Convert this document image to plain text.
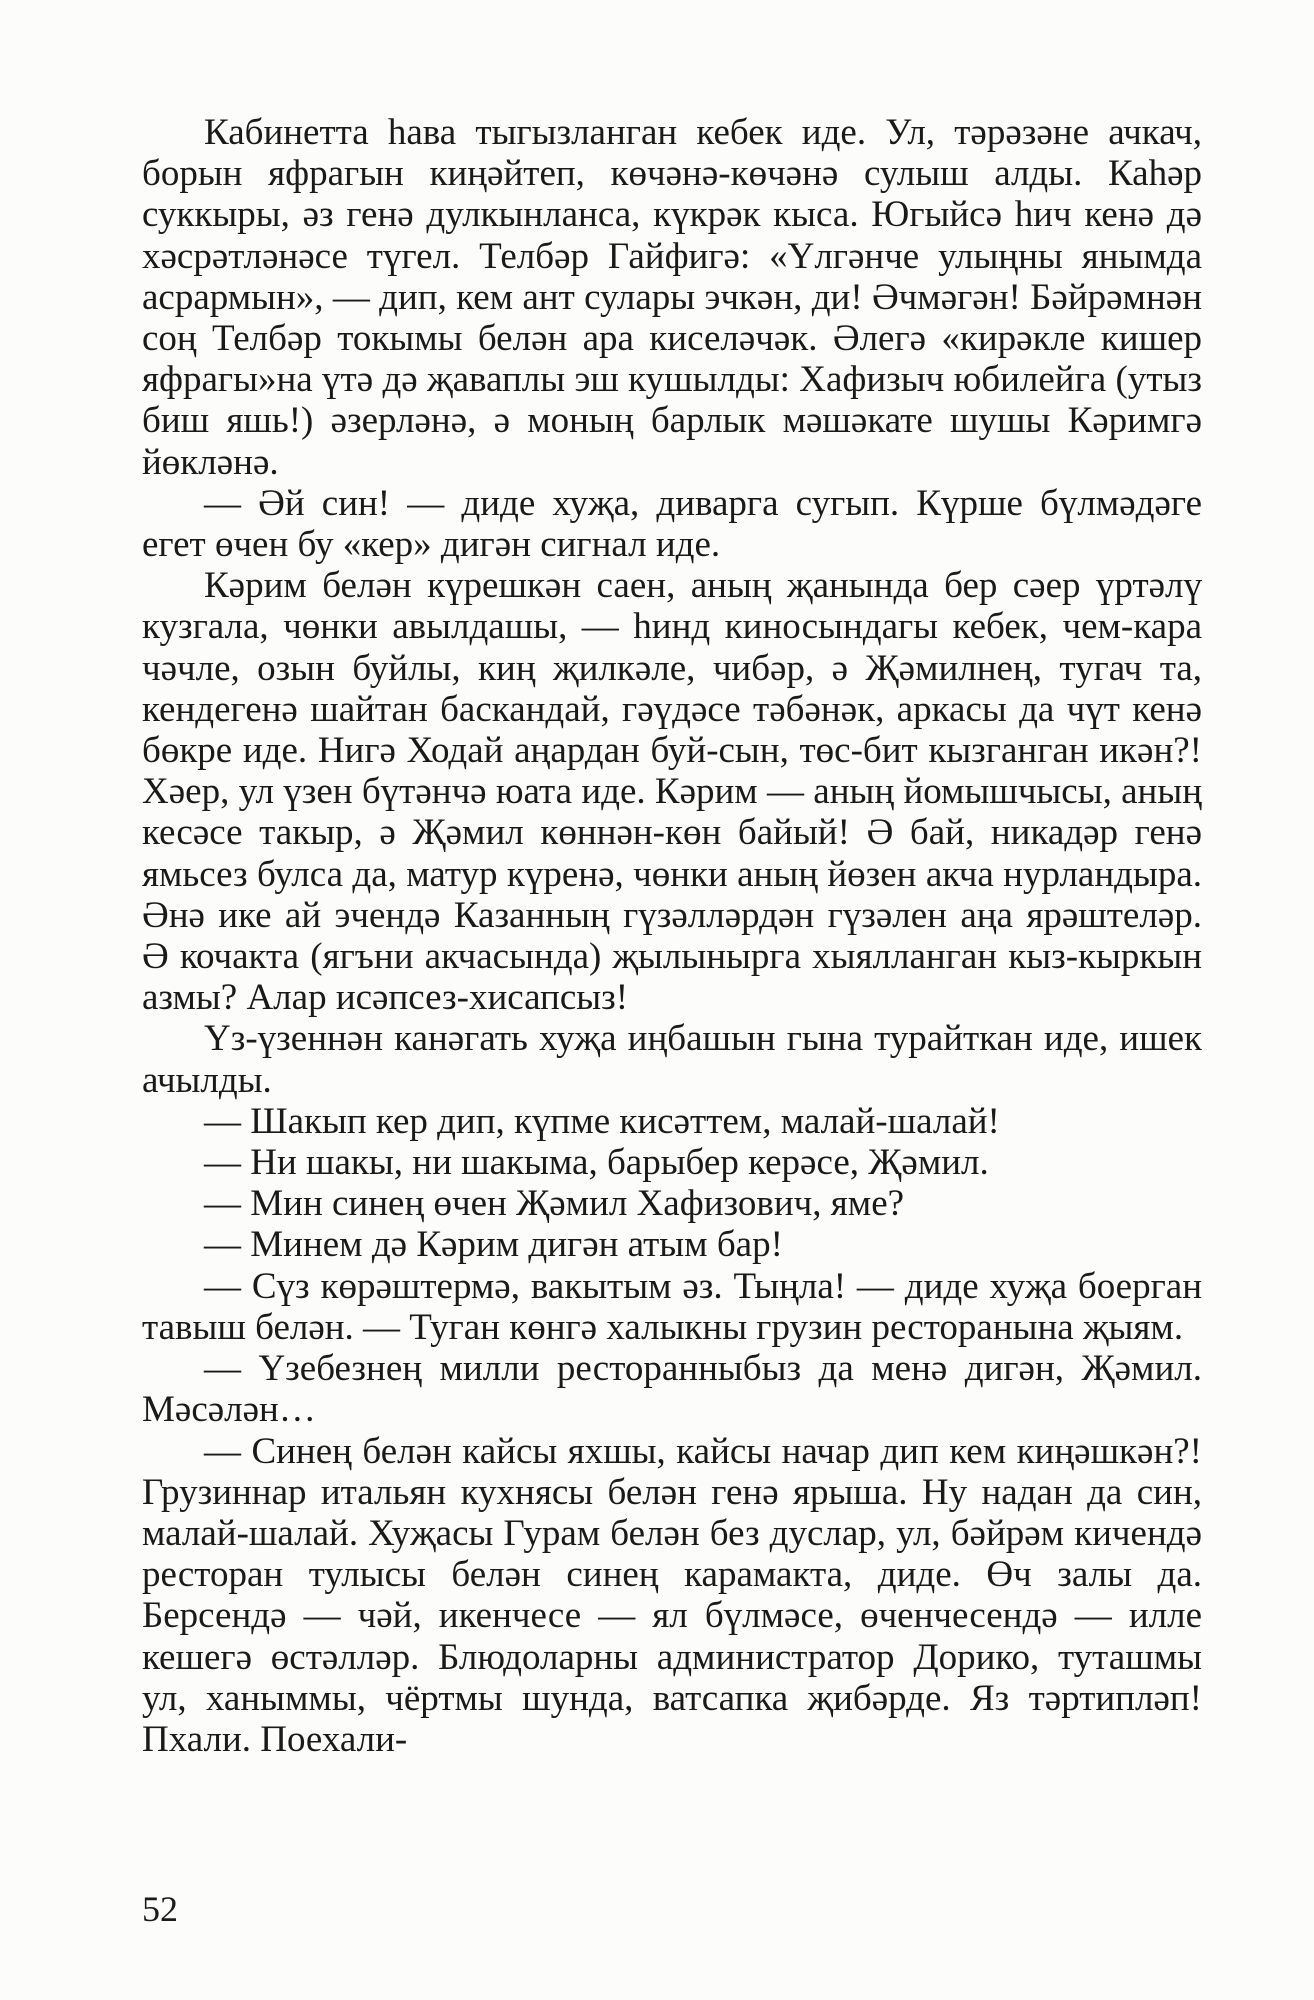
Кабинетта һава тыгызланган кебек иде. Ул, тәрәзәне ачкач, борын яфрагын киңәйтеп, көчәнә-көчәнә сулыш алды. Каһәр суккыры, әз генә дулкынланса, күкрәк кыса. Югыйсә һич кенә дә хәсрәтләнәсе түгел. Телбәр Гайфигә: «Үлгәнче улыңны янымда асрармын», — дип, кем ант сулары эчкән, ди! Әчмәгән! Бәйрәмнән соң Телбәр токымы белән ара киселәчәк. Әлегә «кирәкле кишер яфрагы»на үтә дә җаваплы эш кушылды: Хафизыч юбилейга (утыз биш яшь!) әзерләнә, ә моның барлык мәшәкате шушы Кәримгә йөкләнә.

— Әй син! — диде хуҗа, диварга сугып. Күрше бүлмәдәге егет өчен бу «кер» дигән сигнал иде.

Кәрим белән күрешкән саен, аның җанында бер сәер үртәлү кузгала, чөнки авылдашы, — һинд киносындагы кебек, чем-кара чәчле, озын буйлы, киң җилкәле, чибәр, ә Җәмилнең, тугач та, кендегенә шайтан баскандай, гәүдәсе тәбәнәк, аркасы да чүт кенә бөкре иде. Нигә Ходай аңардан буй-сын, төс-бит кызганган икән?! Хәер, ул үзен бүтәнчә юата иде. Кәрим — аның йомышчысы, аның кесәсе такыр, ә Җәмил көннән-көн байый! Ә бай, никадәр генә ямьсез булса да, матур күренә, чөнки аның йөзен акча нурландыра. Әнә ике ай эчендә Казанның гүзәлләрдән гүзәлен аңа ярәштеләр. Ә кочакта (ягъни акчасында) җылынырга хыялланган кыз-кыркын азмы? Алар исәпсез-хисапсыз!

Үз-үзеннән канәгать хуҗа иңбашын гына турайткан иде, ишек ачылды.

— Шакып кер дип, күпме кисәттем, малай-шалай!

— Ни шакы, ни шакыма, барыбер керәсе, Җәмил.

— Мин синең өчен Җәмил Хафизович, яме?

— Минем дә Кәрим дигән атым бар!

— Сүз көрәштермә, вакытым әз. Тыңла! — диде хуҗа боерган тавыш белән. — Туган көнгә халыкны грузин ресторанына җыям.

— Үзебезнең милли ресторанныбыз да менә дигән, Җәмил. Мәсәлән…

— Синең белән кайсы яхшы, кайсы начар дип кем киңәшкән?! Грузиннар итальян кухнясы белән генә ярыша. Ну надан да син, малай-шалай. Хуҗасы Гурам белән без дуслар, ул, бәйрәм кичендә ресторан тулысы белән синең карамакта, диде. Өч залы да. Берсендә — чәй, икенчесе — ял бүлмәсе, өченчесендә — илле кешегә өстәлләр. Блюдоларны администратор Дорико, туташмы ул, ханыммы, чёртмы шунда, ватсапка җибәрде. Яз тәртипләп! Пхали. Поехали-

52
